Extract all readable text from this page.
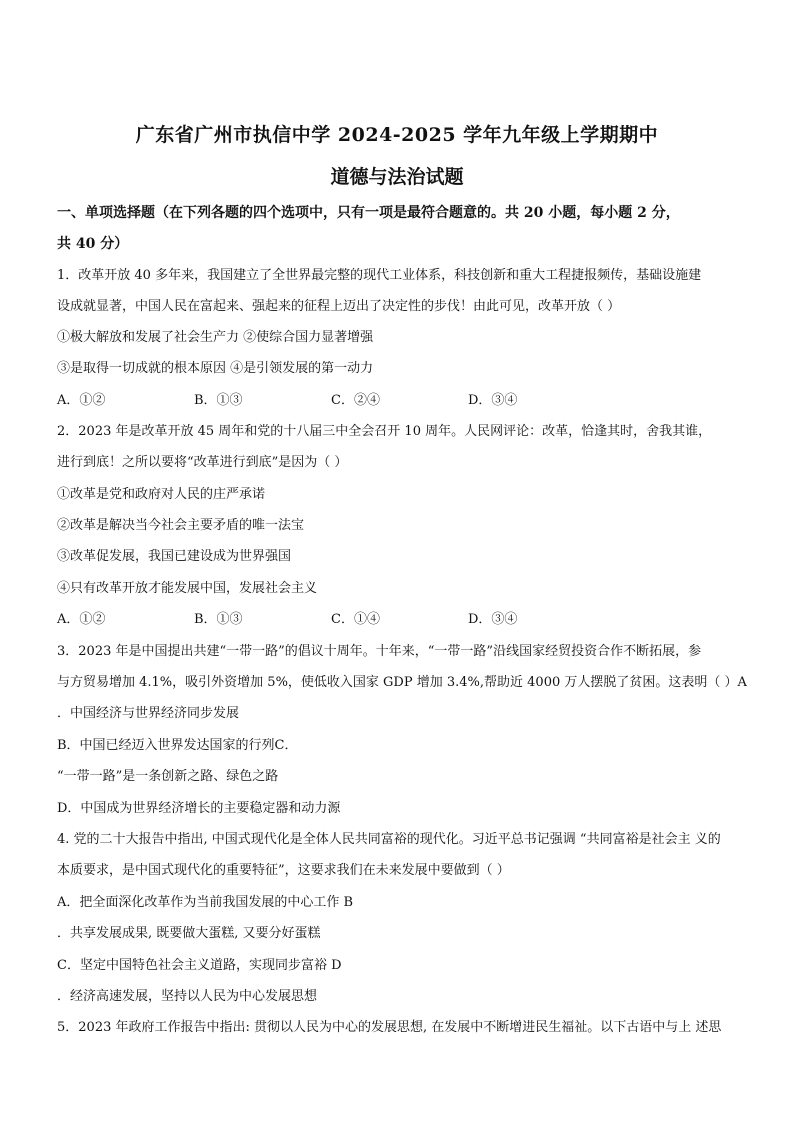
广东省广州市执信中学 2024-2025 学年九年级上学期期中
道德与法治试题
一、单项选择题（在下列各题的四个选项中，只有一项是最符合题意的。共 20 小题，每小题 2 分，
共 40 分）
1．改革开放 40 多年来，我国建立了全世界最完整的现代工业体系，科技创新和重大工程捷报频传，基础设施建
设成就显著，中国人民在富起来、强起来的征程上迈出了决定性的步伐！由此可见，改革开放（ ）
①极大解放和发展了社会生产力 ②使综合国力显著增强
③是取得一切成就的根本原因 ④是引领发展的第一动力
A．①②	B．①③	C．②④	D．③④
2．2023 年是改革开放 45 周年和党的十八届三中全会召开 10 周年。人民网评论：改革，恰逢其时，舍我其谁，
进行到底！之所以要将“改革进行到底”是因为（ ）
①改革是党和政府对人民的庄严承诺
②改革是解决当今社会主要矛盾的唯一法宝
③改革促发展，我国已建设成为世界强国
④只有改革开放才能发展中国，发展社会主义
A．①②	B．①③	C．①④	D．③④
3．2023 年是中国提出共建“一带一路”的倡议十周年。十年来，“一带一路”沿线国家经贸投资合作不断拓展，参
与方贸易增加 4.1%，吸引外资增加 5%，使低收入国家 GDP 增加 3.4%,帮助近 4000 万人摆脱了贫困。这表明（ ）A
．中国经济与世界经济同步发展
B．中国已经迈入世界发达国家的行列C．
“一带一路”是一条创新之路、绿色之路
D．中国成为世界经济增长的主要稳定器和动力源
4. 党的二十大报告中指出, 中国式现代化是全体人民共同富裕的现代化。习近平总书记强调 “共同富裕是社会主 义的
本质要求，是中国式现代化的重要特征”，这要求我们在未来发展中要做到（ ）
A．把全面深化改革作为当前我国发展的中心工作 B
．共享发展成果, 既要做大蛋糕, 又要分好蛋糕
C．坚定中国特色社会主义道路，实现同步富裕 D
．经济高速发展，坚持以人民为中心发展思想
5．2023 年政府工作报告中指出: 贯彻以人民为中心的发展思想, 在发展中不断增进民生福祉。以下古语中与上 述思
